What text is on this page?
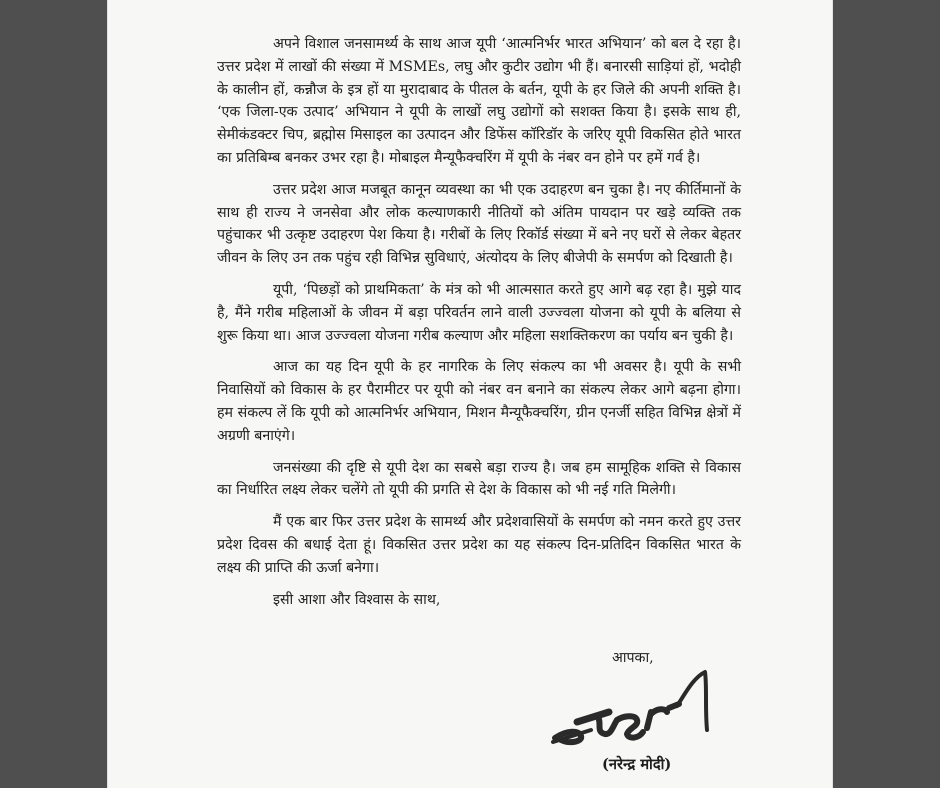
अपने विशाल जनसामर्थ्य के साथ आज यूपी ‘आत्मनिर्भर भारत अभियान’ को बल दे रहा है। उत्तर प्रदेश में लाखों की संख्या में MSMEs, लघु और कुटीर उद्योग भी हैं। बनारसी साड़ियां हों, भदोही के कालीन हों, कन्नौज के इत्र हों या मुरादाबाद के पीतल के बर्तन, यूपी के हर जिले की अपनी शक्ति है। ‘एक जिला-एक उत्पाद’ अभियान ने यूपी के लाखों लघु उद्योगों को सशक्त किया है। इसके साथ ही, सेमीकंडक्टर चिप, ब्रह्मोस मिसाइल का उत्पादन और डिफेंस कॉरिडॉर के जरिए यूपी विकसित होते भारत का प्रतिबिम्ब बनकर उभर रहा है। मोबाइल मैन्यूफैक्चरिंग में यूपी के नंबर वन होने पर हमें गर्व है।

उत्तर प्रदेश आज मजबूत कानून व्यवस्था का भी एक उदाहरण बन चुका है। नए कीर्तिमानों के साथ ही राज्य ने जनसेवा और लोक कल्याणकारी नीतियों को अंतिम पायदान पर खड़े व्यक्ति तक पहुंचाकर भी उत्कृष्ट उदाहरण पेश किया है। गरीबों के लिए रिकॉर्ड संख्या में बने नए घरों से लेकर बेहतर जीवन के लिए उन तक पहुंच रही विभिन्न सुविधाएं, अंत्योदय के लिए बीजेपी के समर्पण को दिखाती है।

यूपी, ‘पिछड़ों को प्राथमिकता’ के मंत्र को भी आत्मसात करते हुए आगे बढ़ रहा है। मुझे याद है, मैंने गरीब महिलाओं के जीवन में बड़ा परिवर्तन लाने वाली उज्ज्वला योजना को यूपी के बलिया से शुरू किया था। आज उज्ज्वला योजना गरीब कल्याण और महिला सशक्तिकरण का पर्याय बन चुकी है।

आज का यह दिन यूपी के हर नागरिक के लिए संकल्प का भी अवसर है। यूपी के सभी निवासियों को विकास के हर पैरामीटर पर यूपी को नंबर वन बनाने का संकल्प लेकर आगे बढ़ना होगा। हम संकल्प लें कि यूपी को आत्मनिर्भर अभियान, मिशन मैन्यूफैक्चरिंग, ग्रीन एनर्जी सहित विभिन्न क्षेत्रों में अग्रणी बनाएंगे।

जनसंख्या की दृष्टि से यूपी देश का सबसे बड़ा राज्य है। जब हम सामूहिक शक्ति से विकास का निर्धारित लक्ष्य लेकर चलेंगे तो यूपी की प्रगति से देश के विकास को भी नई गति मिलेगी।

मैं एक बार फिर उत्तर प्रदेश के सामर्थ्य और प्रदेशवासियों के समर्पण को नमन करते हुए उत्तर प्रदेश दिवस की बधाई देता हूं। विकसित उत्तर प्रदेश का यह संकल्प दिन-प्रतिदिन विकसित भारत के लक्ष्य की प्राप्ति की ऊर्जा बनेगा।

इसी आशा और विश्वास के साथ,

आपका,
(नरेन्द्र मोदी)
